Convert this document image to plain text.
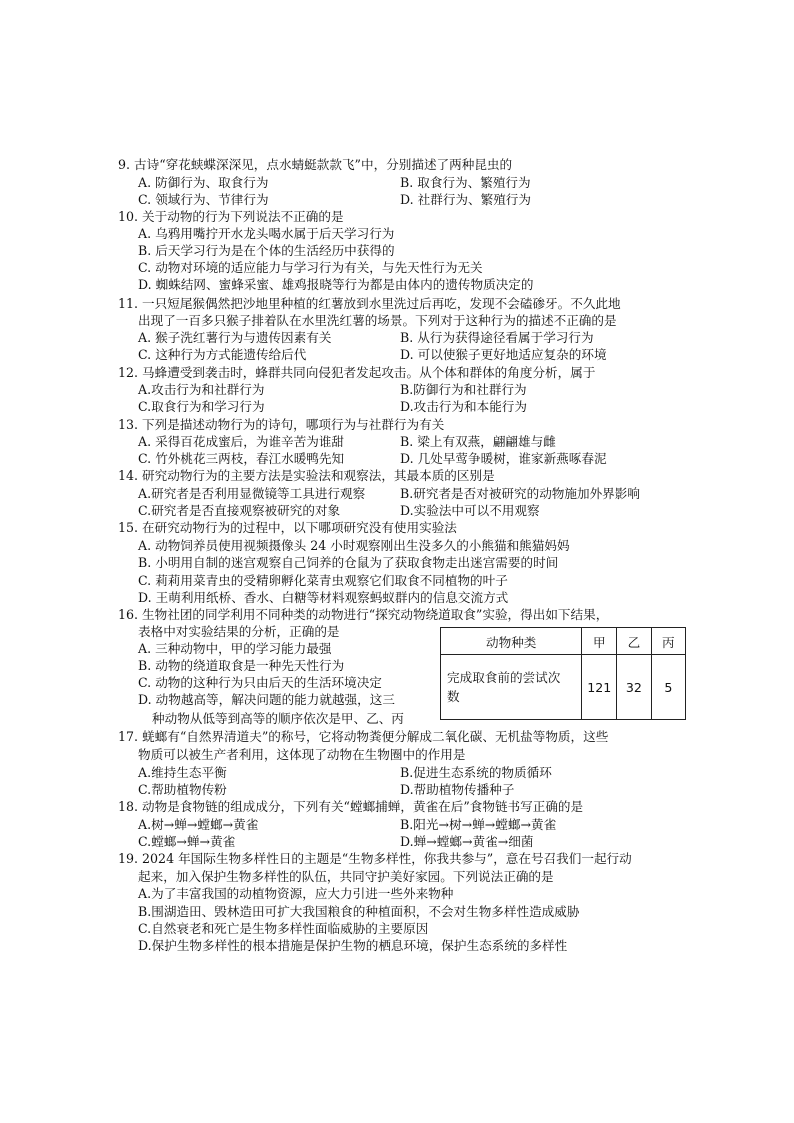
9. 古诗“穿花蛱蝶深深见，点水蜻蜓款款飞”中，分别描述了两种昆虫的
A. 防御行为、取食行为	B. 取食行为、繁殖行为
C. 领域行为、节律行为	D. 社群行为、繁殖行为
10. 关于动物的行为下列说法不正确的是
A. 乌鸦用嘴拧开水龙头喝水属于后天学习行为
B. 后天学习行为是在个体的生活经历中获得的
C. 动物对环境的适应能力与学习行为有关，与先天性行为无关
D. 蜘蛛结网、蜜蜂采蜜、雄鸡报晓等行为都是由体内的遗传物质决定的
11. 一只短尾猴偶然把沙地里种植的红薯放到水里洗过后再吃，发现不会磕碜牙。不久此地
出现了一百多只猴子排着队在水里洗红薯的场景。下列对于这种行为的描述不正确的是
A. 猴子洗红薯行为与遗传因素有关	B. 从行为获得途径看属于学习行为
C. 这种行为方式能遗传给后代	D. 可以使猴子更好地适应复杂的环境
12. 马蜂遭受到袭击时，蜂群共同向侵犯者发起攻击。从个体和群体的角度分析，属于
A.攻击行为和社群行为	B.防御行为和社群行为
C.取食行为和学习行为	D.攻击行为和本能行为
13. 下列是描述动物行为的诗句，哪项行为与社群行为有关
A. 采得百花成蜜后，为谁辛苦为谁甜	B. 梁上有双燕，翩翩雄与雌
C. 竹外桃花三两枝，春江水暖鸭先知	D. 几处早莺争暖树，谁家新燕啄春泥
14. 研究动物行为的主要方法是实验法和观察法，其最本质的区别是
A.研究者是否利用显微镜等工具进行观察	B.研究者是否对被研究的动物施加外界影响
C.研究者是否直接观察被研究的对象	D.实验法中可以不用观察
15. 在研究动物行为的过程中，以下哪项研究没有使用实验法
A. 动物饲养员使用视频摄像头 24 小时观察刚出生没多久的小熊猫和熊猫妈妈
B. 小明用自制的迷宫观察自己饲养的仓鼠为了获取食物走出迷宫需要的时间
C. 莉莉用菜青虫的受精卵孵化菜青虫观察它们取食不同植物的叶子
D. 王萌利用纸桥、香水、白糖等材料观察蚂蚁群内的信息交流方式
16. 生物社团的同学利用不同种类的动物进行“探究动物绕道取食”实验，得出如下结果，
表格中对实验结果的分析，正确的是
A. 三种动物中，甲的学习能力最强
B. 动物的绕道取食是一种先天性行为
C. 动物的这种行为只由后天的生活环境决定
D. 动物越高等，解决问题的能力就越强，这三
种动物从低等到高等的顺序依次是甲、乙、丙
动物种类	甲	乙	丙
完成取食前的尝试次
数	121	32	5
17. 蜣螂有“自然界清道夫”的称号，它将动物粪便分解成二氧化碳、无机盐等物质，这些
物质可以被生产者利用，这体现了动物在生物圈中的作用是
A.维持生态平衡	B.促进生态系统的物质循环
C.帮助植物传粉	D.帮助植物传播种子
18. 动物是食物链的组成成分，下列有关“螳螂捕蝉，黄雀在后”食物链书写正确的是
A.树→蝉→螳螂→黄雀	B.阳光→树→蝉→螳螂→黄雀
C.螳螂→蝉→黄雀	D.蝉→螳螂→黄雀→细菌
19. 2024 年国际生物多样性日的主题是“生物多样性，你我共参与”，意在号召我们一起行动
起来，加入保护生物多样性的队伍，共同守护美好家园。下列说法正确的是
A.为了丰富我国的动植物资源，应大力引进一些外来物种
B.围湖造田、毁林造田可扩大我国粮食的种植面积，不会对生物多样性造成威胁
C.自然衰老和死亡是生物多样性面临威胁的主要原因
D.保护生物多样性的根本措施是保护生物的栖息环境，保护生态系统的多样性
